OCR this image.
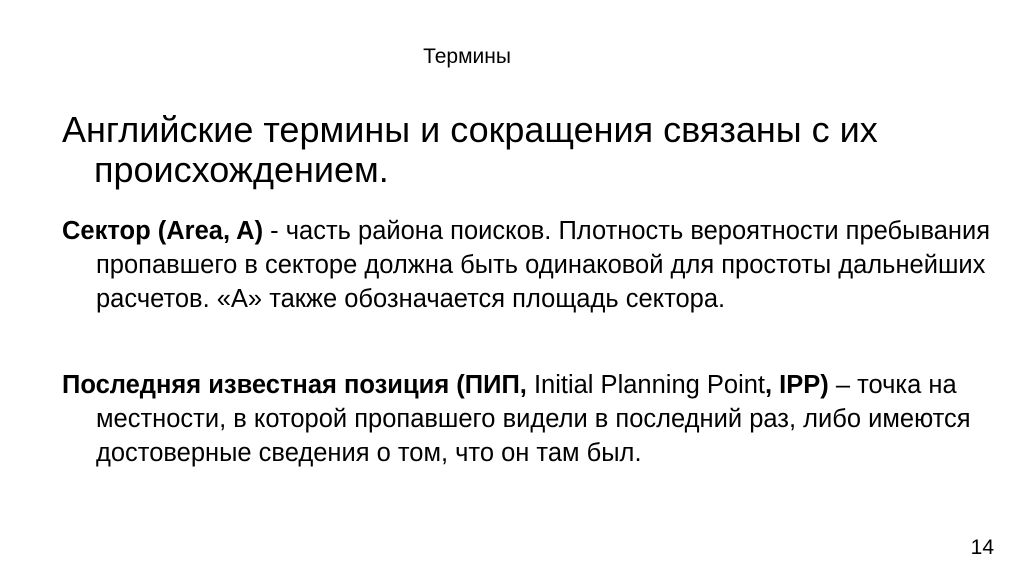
Термины

Английские термины и сокращения связаны с их происхождением.

Сектор (Area, A) - часть района поисков. Плотность вероятности пребывания пропавшего в секторе должна быть одинаковой для простоты дальнейших расчетов. «А» также обозначается площадь сектора.

Последняя известная позиция (ПИП, Initial Planning Point, IPP) – точка на местности, в которой пропавшего видели в последний раз, либо имеются достоверные сведения о том, что он там был.

14
